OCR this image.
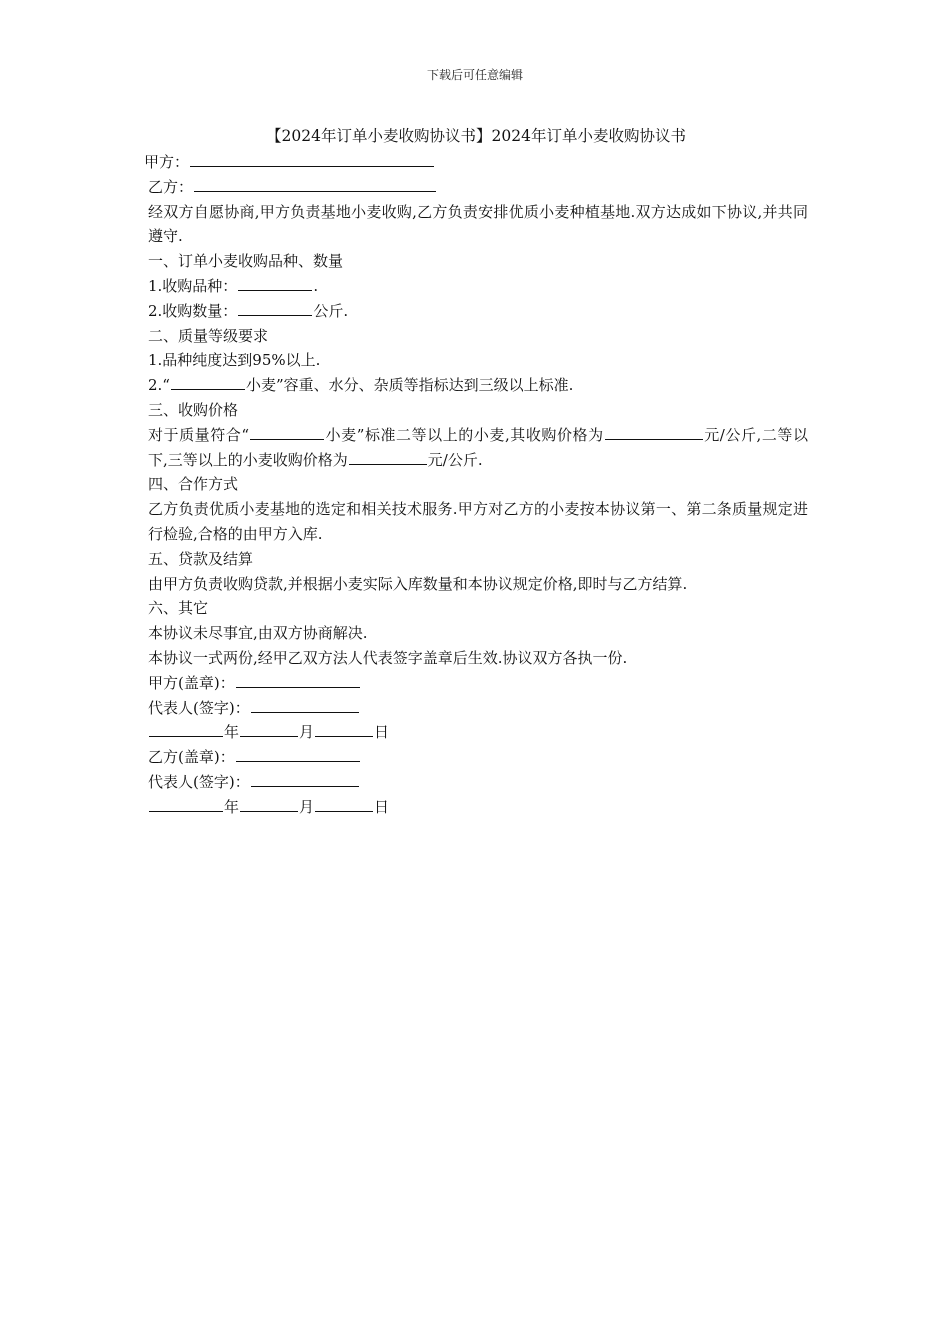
下载后可任意编辑
【2024年订单小麦收购协议书】2024年订单小麦收购协议书
甲方：
乙方：
经双方自愿协商,甲方负责基地小麦收购,乙方负责安排优质小麦种植基地.双方达成如下协议,并共同遵守.
一、订单小麦收购品种、数量
1.收购品种：	.
2.收购数量：	公斤.
二、质量等级要求
1.品种纯度达到95%以上.
2.“	小麦”容重、水分、杂质等指标达到三级以上标准.
三、收购价格
对于质量符合“	小麦”标准二等以上的小麦,其收购价格为	元/公斤,二等以下,三等以上的小麦收购价格为	元/公斤.
四、合作方式
乙方负责优质小麦基地的选定和相关技术服务.甲方对乙方的小麦按本协议第一、第二条质量规定进行检验,合格的由甲方入库.
五、贷款及结算
由甲方负责收购贷款,并根据小麦实际入库数量和本协议规定价格,即时与乙方结算.
六、其它
本协议未尽事宜,由双方协商解决.
本协议一式两份,经甲乙双方法人代表签字盖章后生效.协议双方各执一份.
甲方(盖章)：
代表人(签字)：
年	月	日
乙方(盖章)：
代表人(签字)：
年	月	日
